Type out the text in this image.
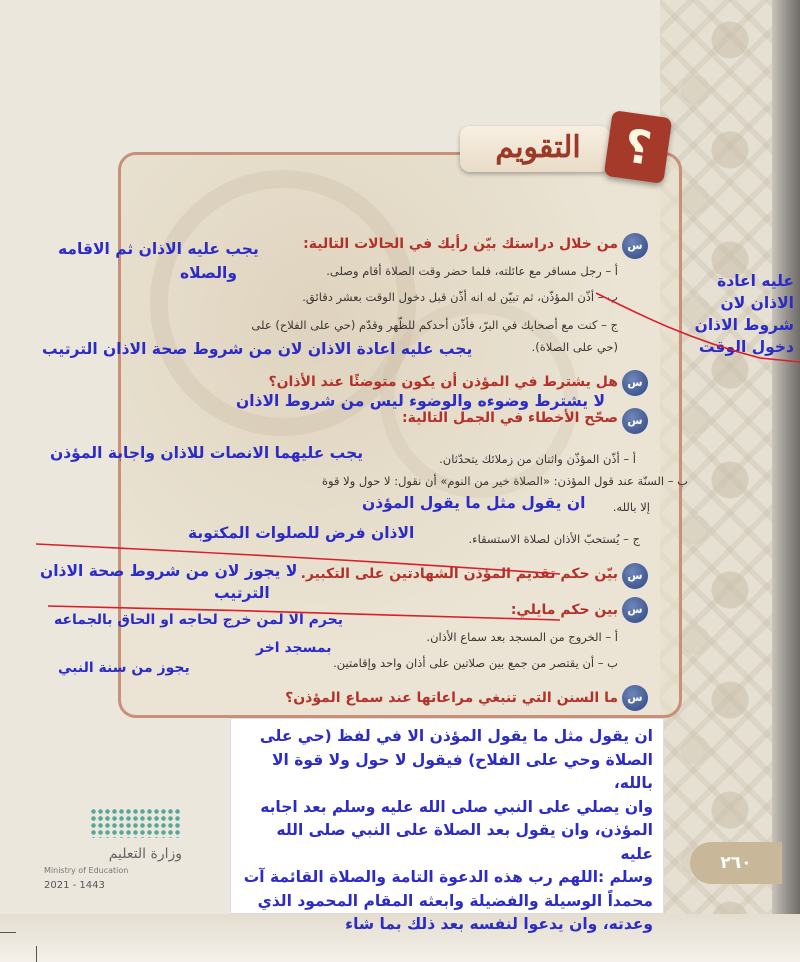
التقويم ؟
س
من خلال دراستك بيّن رأيك في الحالات التالية:
أ – رجل مسافر مع عائلته، فلما حضر وقت الصلاة أقام وصلى.
ب – أذّن المؤذّن، ثم تبيّن له انه أذّن قبل دخول الوقت بعشر دقائق.
ج – كنت مع أصحابك في البرّ، فأذّن أحدكم للظّهر وقدّم (حي على الفلاح) على
(حي على الصلاة).
يجب عليه الاذان ثم الاقامه
والصلاه
يجب عليه اعادة الاذان لان من شروط صحة الاذان الترتيب
عليه اعادة الاذان لان شروط الاذان دخول الوقت
س
هل يشترط في المؤذن أن يكون متوضئًا عند الأذان؟
لا يشترط وضوءه والوضوء ليس من شروط الاذان
س
صحّح الأخطاء في الجمل التالية:
أ – أذّن المؤذّن واثنان من زملائك يتحدّثان.
يجب عليهما الانصات للاذان واجابة المؤذن
ب – السنّة عند قول المؤذن: «الصلاة خير من النوم» أن نقول: لا حول ولا قوة
إلا بالله.
ان يقول مثل ما يقول المؤذن
ج – يُستحبّ الأذان لصلاة الاستسقاء.
الاذان فرض للصلوات المكتوبة
س
بيّن حكم تقديم المؤذن الشهادتين على التكبير.
لا يجوز لان من شروط صحة الاذان
الترتيب
س
بين حكم مايلي:
يحرم الا لمن خرج لحاجه او الحاق بالجماعه
أ – الخروج من المسجد بعد سماع الأذان.
بمسجد اخر
ب – أن يقتصر من جمع بين صلاتين على أذان واحد وإقامتين.
يجوز من سنة النبي
س
ما السنن التي تنبغي مراعاتها عند سماع المؤذن؟

ان يقول مثل ما يقول المؤذن الا في لفظ (حي على
الصلاة وحي على الفلاح) فيقول لا حول ولا قوة الا بالله،
وان يصلي على النبي صلى الله عليه وسلم بعد اجابه
المؤذن، وان يقول بعد الصلاة على النبي صلى الله عليه
وسلم :اللهم رب هذه الدعوة التامة والصلاة القائمة آت
محمداً الوسيلة والفضيلة وابعثه المقام المحمود الذي
وعدته، وان يدعوا لنفسه بعد ذلك بما شاء

٢٦٠
وزارة التعليم
Ministry of Education
2021 - 1443
